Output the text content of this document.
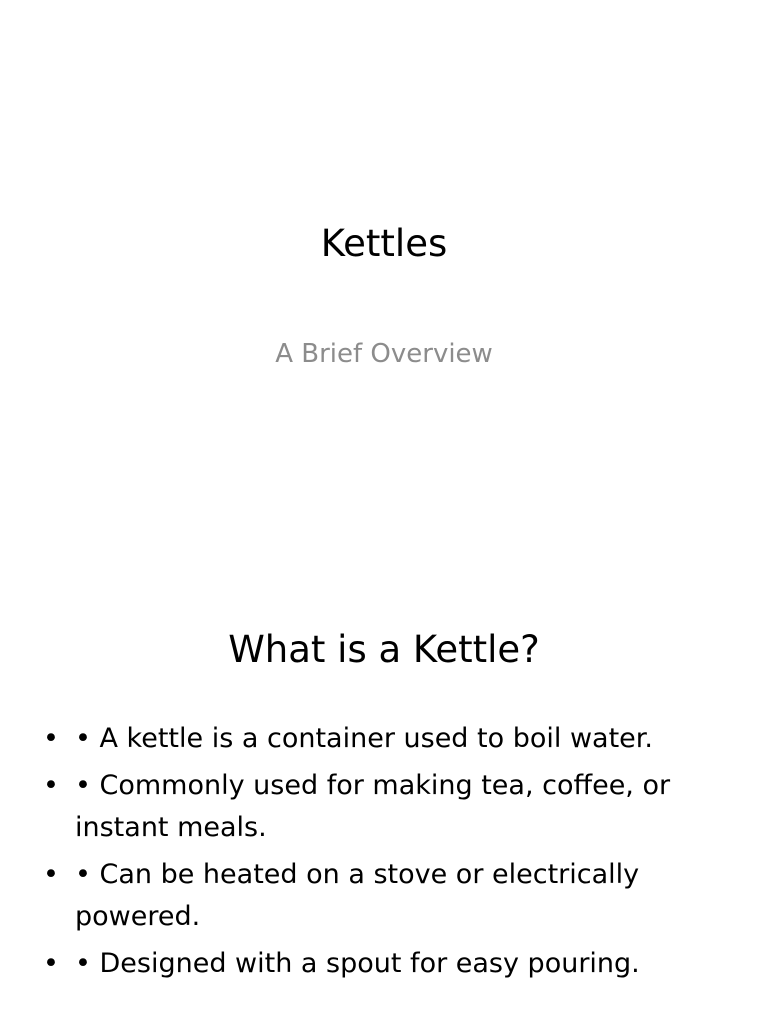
Kettles

A Brief Overview

What is a Kettle?
• • A kettle is a container used to boil water.
• • Commonly used for making tea, coffee, or instant meals.
• • Can be heated on a stove or electrically powered.
• • Designed with a spout for easy pouring.
